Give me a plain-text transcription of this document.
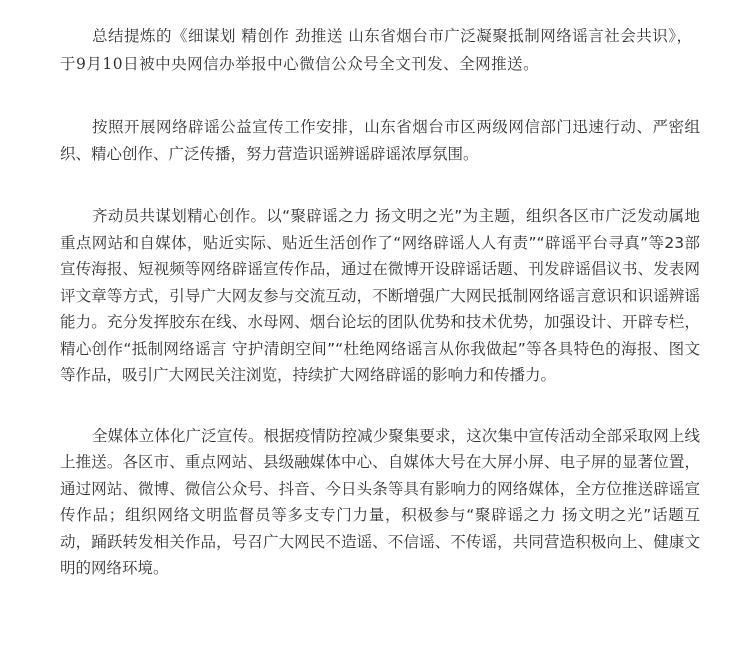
总结提炼的《细谋划 精创作 劲推送 山东省烟台市广泛凝聚抵制网络谣言社会共识》，于9月10日被中央网信办举报中心微信公众号全文刊发、全网推送。

按照开展网络辟谣公益宣传工作安排，山东省烟台市区两级网信部门迅速行动、严密组织、精心创作、广泛传播，努力营造识谣辨谣辟谣浓厚氛围。

齐动员共谋划精心创作。以“聚辟谣之力 扬文明之光”为主题，组织各区市广泛发动属地重点网站和自媒体，贴近实际、贴近生活创作了“网络辟谣人人有责”“辟谣平台寻真”等23部宣传海报、短视频等网络辟谣宣传作品，通过在微博开设辟谣话题、刊发辟谣倡议书、发表网评文章等方式，引导广大网友参与交流互动，不断增强广大网民抵制网络谣言意识和识谣辨谣能力。充分发挥胶东在线、水母网、烟台论坛的团队优势和技术优势，加强设计、开辟专栏，精心创作“抵制网络谣言 守护清朗空间”“杜绝网络谣言从你我做起”等各具特色的海报、图文等作品，吸引广大网民关注浏览，持续扩大网络辟谣的影响力和传播力。

全媒体立体化广泛宣传。根据疫情防控减少聚集要求，这次集中宣传活动全部采取网上线上推送。各区市、重点网站、县级融媒体中心、自媒体大号在大屏小屏、电子屏的显著位置，通过网站、微博、微信公众号、抖音、今日头条等具有影响力的网络媒体，全方位推送辟谣宣传作品；组织网络文明监督员等多支专门力量，积极参与“聚辟谣之力 扬文明之光”话题互动，踊跃转发相关作品，号召广大网民不造谣、不信谣、不传谣，共同营造积极向上、健康文明的网络环境。
